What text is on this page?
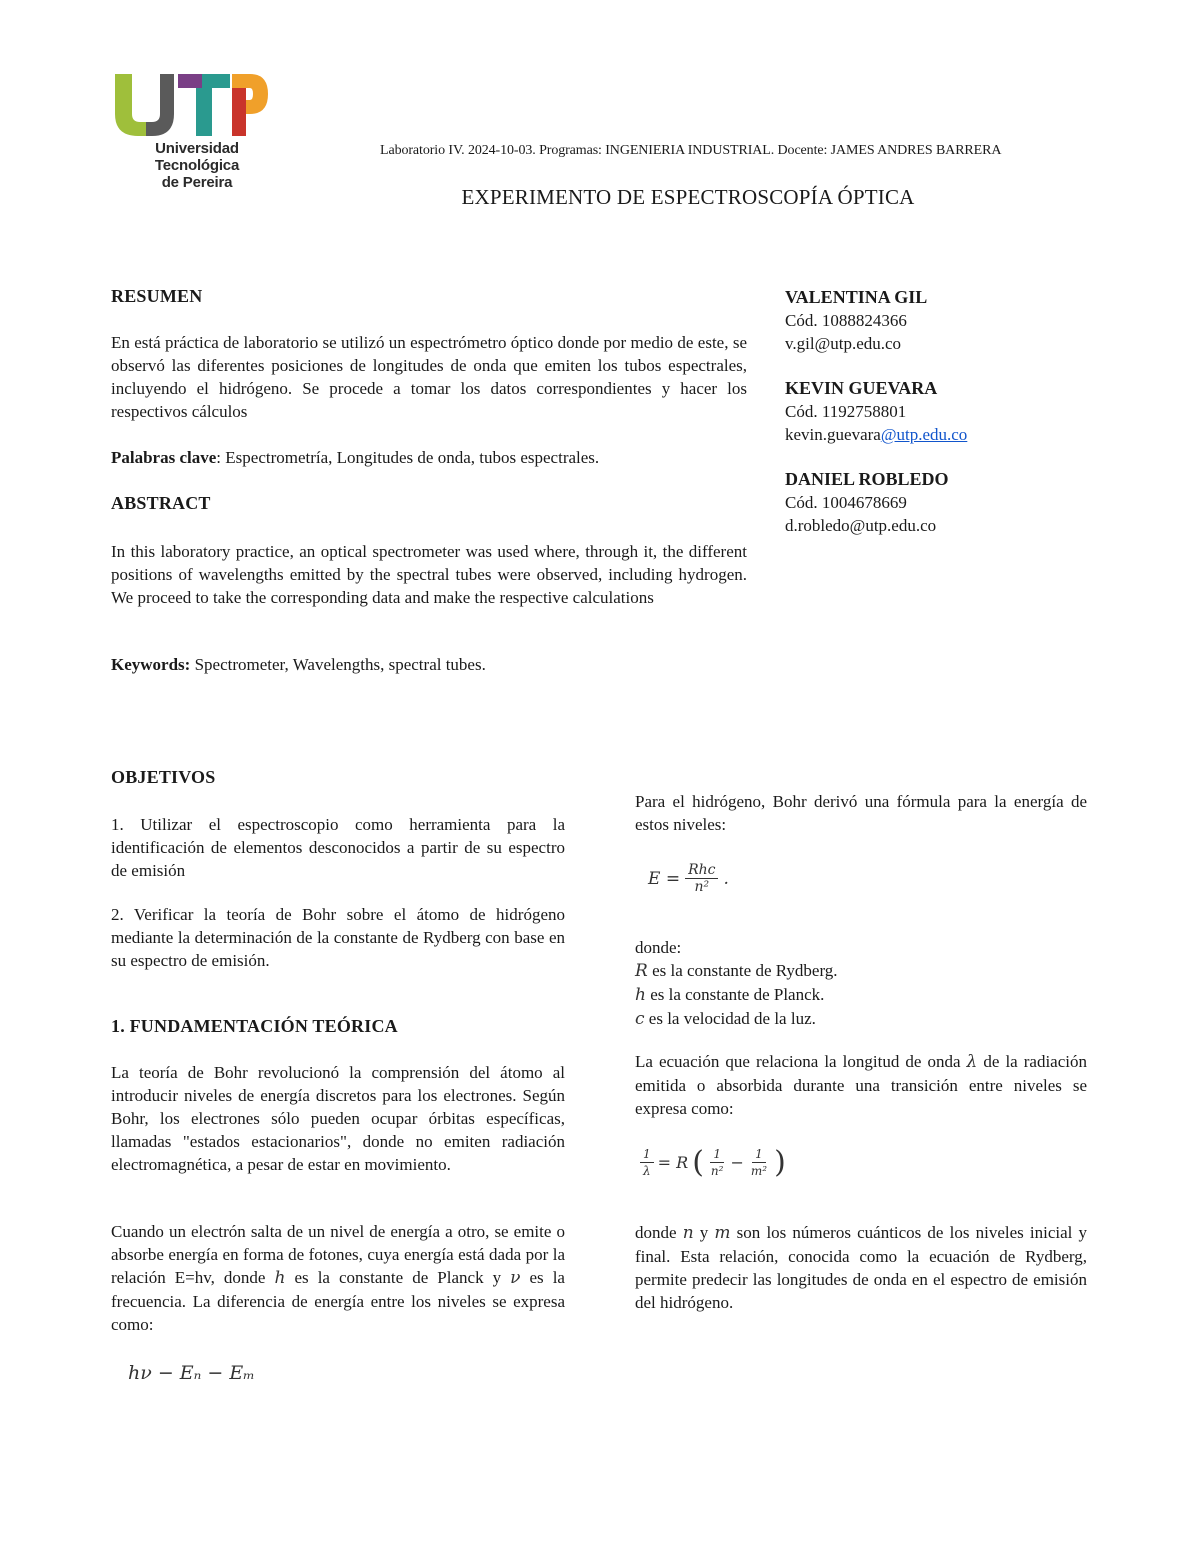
Universidad Tecnológica
de Pereira
Laboratorio IV. 2024-10-03. Programas: INGENIERIA INDUSTRIAL. Docente: JAMES ANDRES BARRERA
EXPERIMENTO DE ESPECTROSCOPÍA ÓPTICA
RESUMEN
En está práctica de laboratorio se utilizó un espectrómetro óptico donde por medio de este, se observó las diferentes posiciones de longitudes de onda que emiten los tubos espectrales, incluyendo el hidrógeno. Se procede a tomar los datos correspondientes y hacer los respectivos cálculos
Palabras clave: Espectrometría, Longitudes de onda, tubos espectrales.
ABSTRACT
In this laboratory practice, an optical spectrometer was used where, through it, the different positions of wavelengths emitted by the spectral tubes were observed, including hydrogen. We proceed to take the corresponding data and make the respective calculations
Keywords: Spectrometer, Wavelengths, spectral tubes.
VALENTINA GIL
Cód. 1088824366
v.gil@utp.edu.co
KEVIN GUEVARA
Cód. 1192758801
kevin.guevara@utp.edu.co
DANIEL ROBLEDO
Cód. 1004678669
d.robledo@utp.edu.co
OBJETIVOS
1. Utilizar el espectroscopio como herramienta para la identificación de elementos desconocidos a partir de su espectro de emisión
2. Verificar la teoría de Bohr sobre el átomo de hidrógeno mediante la determinación de la constante de Rydberg con base en su espectro de emisión.
1. FUNDAMENTACIÓN TEÓRICA
La teoría de Bohr revolucionó la comprensión del átomo al introducir niveles de energía discretos para los electrones. Según Bohr, los electrones sólo pueden ocupar órbitas específicas, llamadas "estados estacionarios", donde no emiten radiación electromagnética, a pesar de estar en movimiento.
Cuando un electrón salta de un nivel de energía a otro, se emite o absorbe energía en forma de fotones, cuya energía está dada por la relación E=hv, donde h es la constante de Planck y ν es la frecuencia. La diferencia de energía entre los niveles se expresa como:
hν − Eₙ − Eₘ
Para el hidrógeno, Bohr derivó una fórmula para la energía de estos niveles:
$E = \frac{\text{Rhc}}{\text{n²}}$ .
donde:
R es la constante de Rydberg.
h es la constante de Planck.
c es la velocidad de la luz.
La ecuación que relaciona la longitud de onda λ de la radiación emitida o absorbida durante una transición entre niveles se expresa como:
$\frac{1}{\lambda} = R$ ( $\frac{1}{\text{n²}} - \frac{1}{\text{m²}}$ )
donde n y m son los números cuánticos de los niveles inicial y final. Esta relación, conocida como la ecuación de Rydberg, permite predecir las longitudes de onda en el espectro de emisión del hidrógeno.
